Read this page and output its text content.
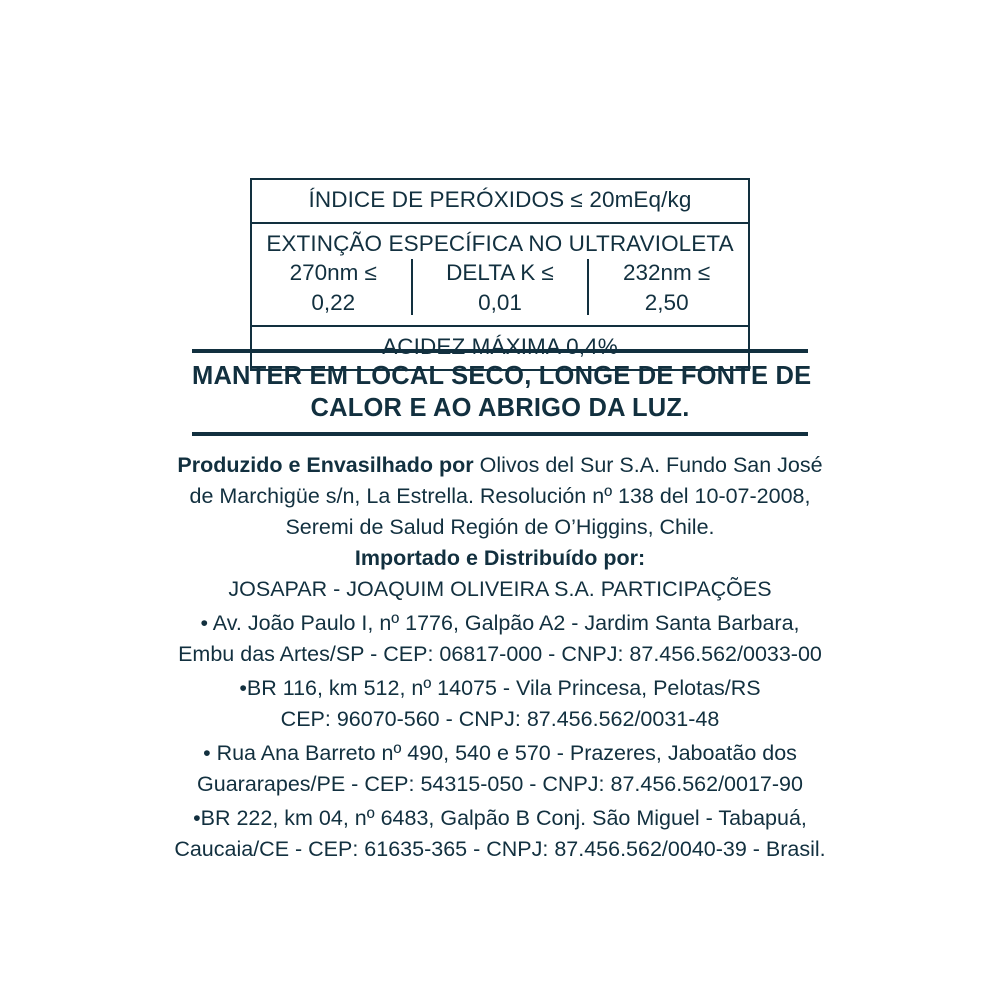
ÍNDICE DE PERÓXIDOS ≤ 20mEq/kg
EXTINÇÃO ESPECÍFICA NO ULTRAVIOLETA
270nm ≤ 0,22
DELTA K ≤ 0,01
232nm ≤ 2,50
ACIDEZ MÁXIMA 0,4%
MANTER EM LOCAL SECO, LONGE DE FONTE DE
CALOR E AO ABRIGO DA LUZ.
Produzido e Envasilhado por Olivos del Sur S.A. Fundo San José
de Marchigüe s/n, La Estrella. Resolución nº 138 del 10-07-2008,
Seremi de Salud Región de O’Higgins, Chile.
Importado e Distribuído por:
JOSAPAR - JOAQUIM OLIVEIRA S.A. PARTICIPAÇÕES
• Av. João Paulo I, nº 1776, Galpão A2 - Jardim Santa Barbara,
Embu das Artes/SP - CEP: 06817-000 - CNPJ: 87.456.562/0033-00
•BR 116, km 512, nº 14075 - Vila Princesa, Pelotas/RS
CEP: 96070-560 - CNPJ: 87.456.562/0031-48
• Rua Ana Barreto nº 490, 540 e 570 - Prazeres, Jaboatão dos
Guararapes/PE - CEP: 54315-050 - CNPJ: 87.456.562/0017-90
•BR 222, km 04, nº 6483, Galpão B Conj. São Miguel - Tabapuá,
Caucaia/CE - CEP: 61635-365 - CNPJ: 87.456.562/0040-39 - Brasil.
